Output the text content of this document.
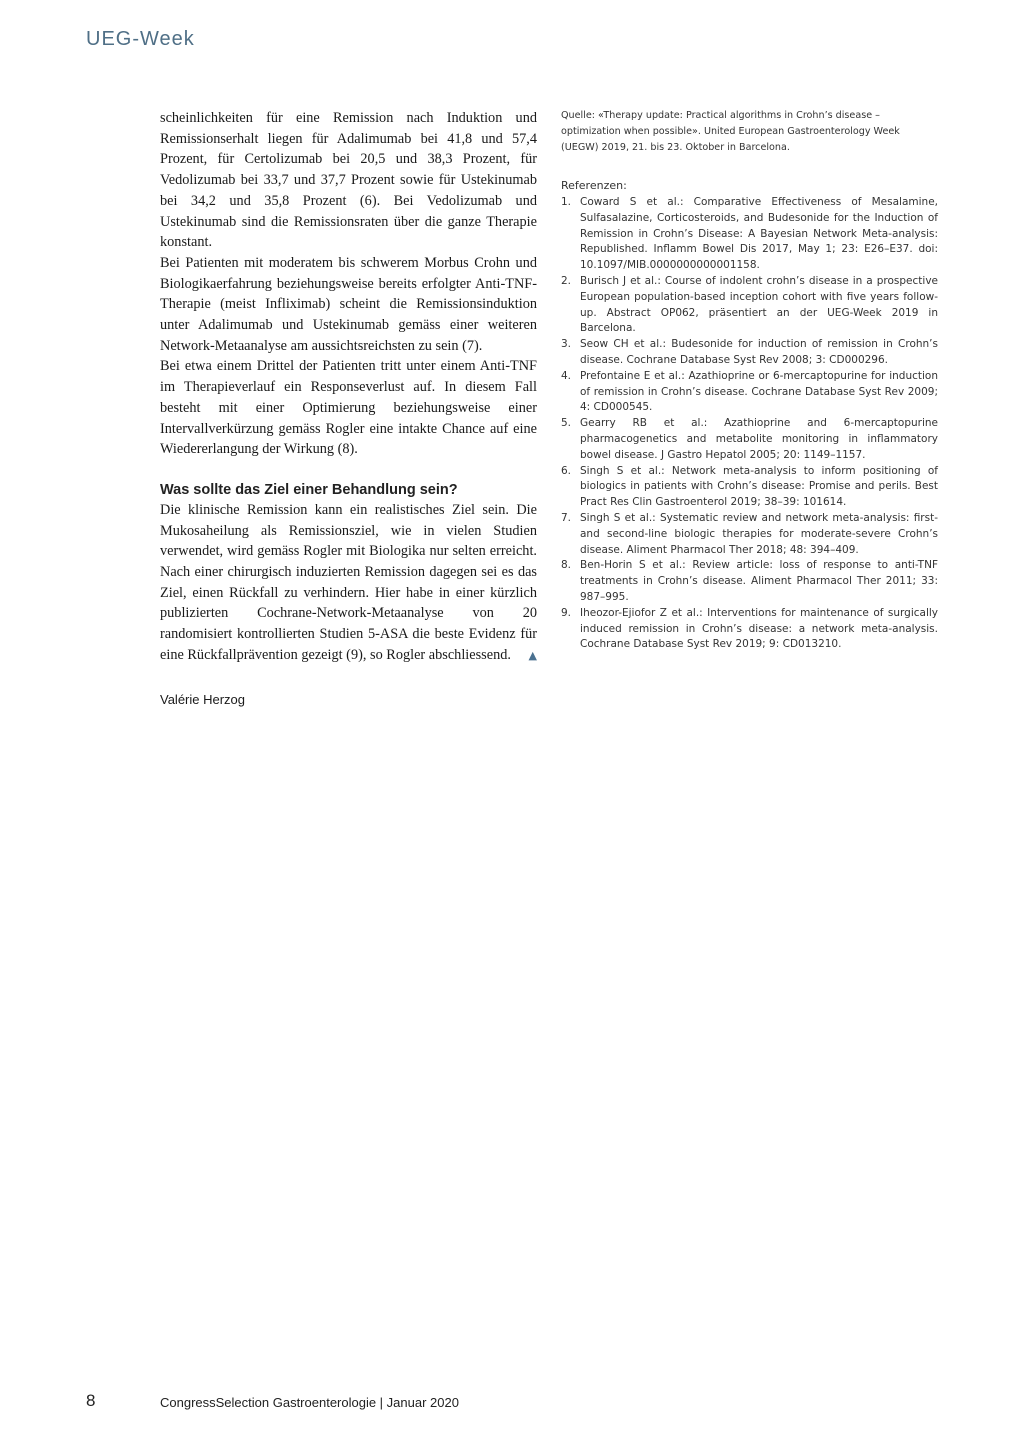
UEG-Week

scheinlichkeiten für eine Remission nach Induktion und Remissionserhalt liegen für Adalimumab bei 41,8 und 57,4 Prozent, für Certolizumab bei 20,5 und 38,3 Prozent, für Vedolizumab bei 33,7 und 37,7 Prozent sowie für Ustekinumab bei 34,2 und 35,8 Prozent (6). Bei Vedolizumab und Ustekinumab sind die Remissionsraten über die ganze Therapie konstant.

Bei Patienten mit moderatem bis schwerem Morbus Crohn und Biologikaerfahrung beziehungsweise bereits erfolgter Anti-TNF-Therapie (meist Infliximab) scheint die Remissionsinduktion unter Adalimumab und Ustekinumab gemäss einer weiteren Network-Metaanalyse am aussichtsreichsten zu sein (7).

Bei etwa einem Drittel der Patienten tritt unter einem Anti-TNF im Therapieverlauf ein Responseverlust auf. In diesem Fall besteht mit einer Optimierung beziehungsweise einer Intervallverkürzung gemäss Rogler eine intakte Chance auf eine Wiedererlangung der Wirkung (8).

Was sollte das Ziel einer Behandlung sein?

Die klinische Remission kann ein realistisches Ziel sein. Die Mukosaheilung als Remissionsziel, wie in vielen Studien verwendet, wird gemäss Rogler mit Biologika nur selten erreicht. Nach einer chirurgisch induzierten Remission dagegen sei es das Ziel, einen Rückfall zu verhindern. Hier habe in einer kürzlich publizierten Cochrane-Network-Metaanalyse von 20 randomisiert kontrollierten Studien 5-ASA die beste Evidenz für eine Rückfallprävention gezeigt (9), so Rogler abschliessend. ▲

Valérie Herzog

Quelle: «Therapy update: Practical algorithms in Crohn’s disease – optimization when possible». United European Gastroenterology Week (UEGW) 2019, 21. bis 23. Oktober in Barcelona.

Referenzen:
1. Coward S et al.: Comparative Effectiveness of Mesalamine, Sulfasalazine, Corticosteroids, and Budesonide for the Induction of Remission in Crohn’s Disease: A Bayesian Network Meta-analysis: Republished. Inflamm Bowel Dis 2017, May 1; 23: E26–E37. doi: 10.1097/MIB.0000000000001158.
2. Burisch J et al.: Course of indolent crohn’s disease in a prospective European population-based inception cohort with five years follow-up. Abstract OP062, präsentiert an der UEG-Week 2019 in Barcelona.
3. Seow CH et al.: Budesonide for induction of remission in Crohn’s disease. Cochrane Database Syst Rev 2008; 3: CD000296.
4. Prefontaine E et al.: Azathioprine or 6-mercaptopurine for induction of remission in Crohn’s disease. Cochrane Database Syst Rev 2009; 4: CD000545.
5. Gearry RB et al.: Azathioprine and 6-mercaptopurine pharmacogenetics and metabolite monitoring in inflammatory bowel disease. J Gastro Hepatol 2005; 20: 1149–1157.
6. Singh S et al.: Network meta-analysis to inform positioning of biologics in patients with Crohn’s disease: Promise and perils. Best Pract Res Clin Gastroenterol 2019; 38–39: 101614.
7. Singh S et al.: Systematic review and network meta-analysis: first- and second-line biologic therapies for moderate-severe Crohn’s disease. Aliment Pharmacol Ther 2018; 48: 394–409.
8. Ben-Horin S et al.: Review article: loss of response to anti-TNF treatments in Crohn’s disease. Aliment Pharmacol Ther 2011; 33: 987–995.
9. Iheozor-Ejiofor Z et al.: Interventions for maintenance of surgically induced remission in Crohn’s disease: a network meta-analysis. Cochrane Database Syst Rev 2019; 9: CD013210.
8	CongressSelection Gastroenterologie | Januar 2020
